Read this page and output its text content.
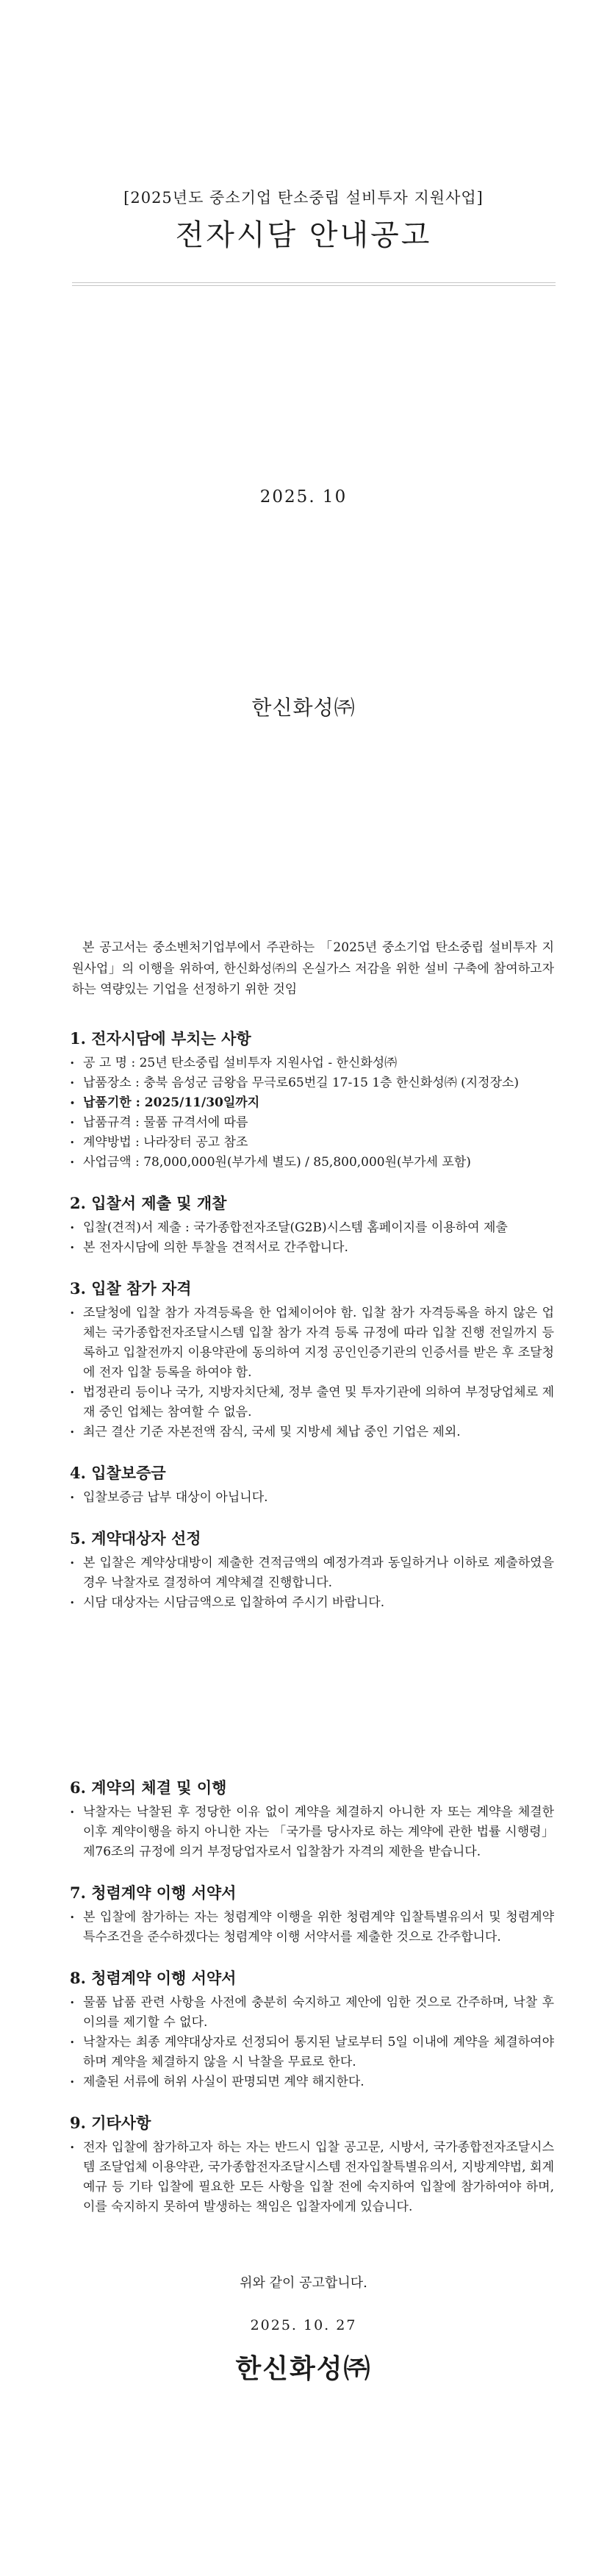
[2025년도 중소기업 탄소중립 설비투자 지원사업]
전자시담 안내공고
2025. 10
한신화성㈜

본 공고서는 중소벤처기업부에서 주관하는 「2025년 중소기업 탄소중립 설비투자 지원사업」의 이행을 위하여, 한신화성㈜의 온실가스 저감을 위한 설비 구축에 참여하고자 하는 역량있는 기업을 선정하기 위한 것임

1. 전자시담에 부치는 사항
• 공 고 명 : 25년 탄소중립 설비투자 지원사업 - 한신화성㈜
• 납품장소 : 충북 음성군 금왕읍 무극로65번길 17-15 1층 한신화성㈜ (지정장소)
• 납품기한 : 2025/11/30일까지
• 납품규격 : 물품 규격서에 따름
• 계약방법 : 나라장터 공고 참조
• 사업금액 : 78,000,000원(부가세 별도) / 85,800,000원(부가세 포함)
2. 입찰서 제출 및 개찰
• 입찰(견적)서 제출 : 국가종합전자조달(G2B)시스템 홈페이지를 이용하여 제출
• 본 전자시담에 의한 투찰을 견적서로 간주합니다.
3. 입찰 참가 자격
• 조달청에 입찰 참가 자격등록을 한 업체이어야 함. 입찰 참가 자격등록을 하지 않은 업체는 국가종합전자조달시스템 입찰 참가 자격 등록 규정에 따라 입찰 진행 전일까지 등록하고 입찰전까지 이용약관에 동의하여 지정 공인인증기관의 인증서를 받은 후 조달청에 전자 입찰 등록을 하여야 함.
• 법정관리 등이나 국가, 지방자치단체, 정부 출연 및 투자기관에 의하여 부정당업체로 제재 중인 업체는 참여할 수 없음.
• 최근 결산 기준 자본전액 잠식, 국세 및 지방세 체납 중인 기업은 제외.
4. 입찰보증금
• 입찰보증금 납부 대상이 아닙니다.
5. 계약대상자 선정
• 본 입찰은 계약상대방이 제출한 견적금액의 예정가격과 동일하거나 이하로 제출하였을 경우 낙찰자로 결정하여 계약체결 진행합니다.
• 시담 대상자는 시담금액으로 입찰하여 주시기 바랍니다.
6. 계약의 체결 및 이행
• 낙찰자는 낙찰된 후 정당한 이유 없이 계약을 체결하지 아니한 자 또는 계약을 체결한 이후 계약이행을 하지 아니한 자는 「국가를 당사자로 하는 계약에 관한 법률 시행령」 제76조의 규정에 의거 부정당업자로서 입찰참가 자격의 제한을 받습니다.
7. 청렴계약 이행 서약서
• 본 입찰에 참가하는 자는 청렴계약 이행을 위한 청렴계약 입찰특별유의서 및 청렴계약 특수조건을 준수하겠다는 청렴계약 이행 서약서를 제출한 것으로 간주합니다.
8. 청렴계약 이행 서약서
• 물품 납품 관련 사항을 사전에 충분히 숙지하고 제안에 임한 것으로 간주하며, 낙찰 후 이의를 제기할 수 없다.
• 낙찰자는 최종 계약대상자로 선정되어 통지된 날로부터 5일 이내에 계약을 체결하여야 하며 계약을 체결하지 않을 시 낙찰을 무료로 한다.
• 제출된 서류에 허위 사실이 판명되면 계약 해지한다.
9. 기타사항
• 전자 입찰에 참가하고자 하는 자는 반드시 입찰 공고문, 시방서, 국가종합전자조달시스템 조달업체 이용약관, 국가종합전자조달시스템 전자입찰특별유의서, 지방계약법, 회계예규 등 기타 입찰에 필요한 모든 사항을 입찰 전에 숙지하여 입찰에 참가하여야 하며, 이를 숙지하지 못하여 발생하는 책임은 입찰자에게 있습니다.
위와 같이 공고합니다.
2025. 10. 27
한신화성㈜
